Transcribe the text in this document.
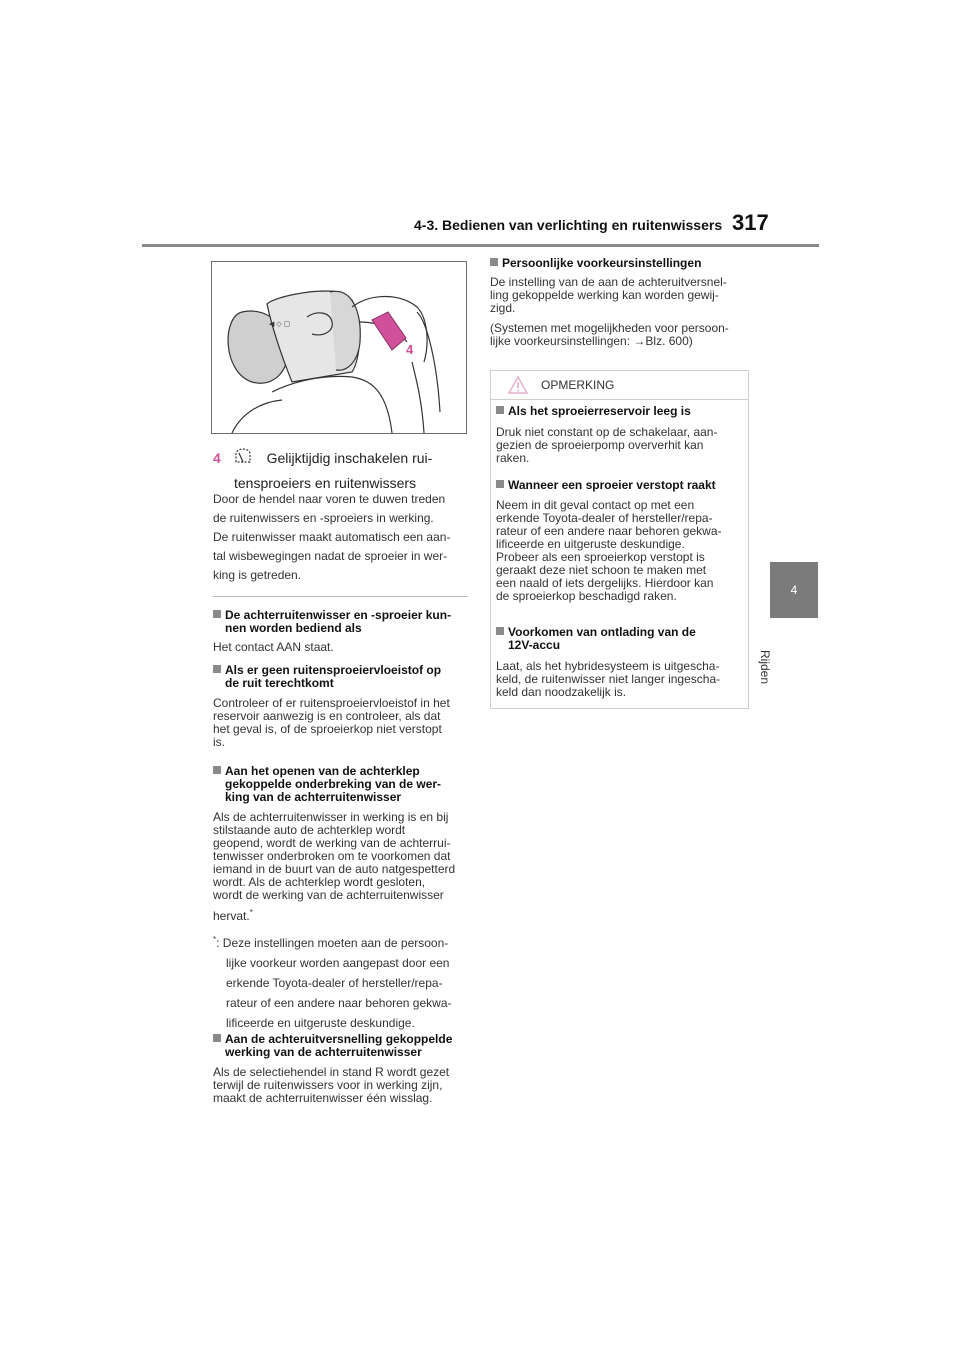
4-3. Bedienen van verlichting en ruitenwissers 317
4
Rijden
◀ ◇ ▢
4
4	Gelijktijdig inschakelen rui-
tensproeiers en ruitenwissers
Door de hendel naar voren te duwen treden
de ruitenwissers en -sproeiers in werking.
De ruitenwisser maakt automatisch een aan-
tal wisbewegingen nadat de sproeier in wer-
king is getreden.
De achterruitenwisser en -sproeier kun-
nen worden bediend als
Het contact AAN staat.
Als er geen ruitensproeiervloeistof op
de ruit terechtkomt
Controleer of er ruitensproeiervloeistof in het
reservoir aanwezig is en controleer, als dat
het geval is, of de sproeierkop niet verstopt
is.
Aan het openen van de achterklep
gekoppelde onderbreking van de wer-
king van de achterruitenwisser
Als de achterruitenwisser in werking is en bij
stilstaande auto de achterklep wordt
geopend, wordt de werking van de achterrui-
tenwisser onderbroken om te voorkomen dat
iemand in de buurt van de auto natgespetterd
wordt. Als de achterklep wordt gesloten,
wordt de werking van de achterruitenwisser
hervat.*
*: Deze instellingen moeten aan de persoon-
lijke voorkeur worden aangepast door een
erkende Toyota-dealer of hersteller/repa-
rateur of een andere naar behoren gekwa-
lificeerde en uitgeruste deskundige.
Aan de achteruitversnelling gekoppelde
werking van de achterruitenwisser
Als de selectiehendel in stand R wordt gezet
terwijl de ruitenwissers voor in werking zijn,
maakt de achterruitenwisser één wisslag.
Persoonlijke voorkeursinstellingen
De instelling van de aan de achteruitversnel-
ling gekoppelde werking kan worden gewij-
zigd.
(Systemen met mogelijkheden voor persoon-
lijke voorkeursinstellingen: →Blz. 600)
OPMERKING
Als het sproeierreservoir leeg is
Druk niet constant op de schakelaar, aan-
gezien de sproeierpomp oververhit kan
raken.
Wanneer een sproeier verstopt raakt
Neem in dit geval contact op met een
erkende Toyota-dealer of hersteller/repa-
rateur of een andere naar behoren gekwa-
lificeerde en uitgeruste deskundige.
Probeer als een sproeierkop verstopt is
geraakt deze niet schoon te maken met
een naald of iets dergelijks. Hierdoor kan
de sproeierkop beschadigd raken.
Voorkomen van ontlading van de
12V-accu
Laat, als het hybridesysteem is uitgescha-
keld, de ruitenwisser niet langer ingescha-
keld dan noodzakelijk is.
